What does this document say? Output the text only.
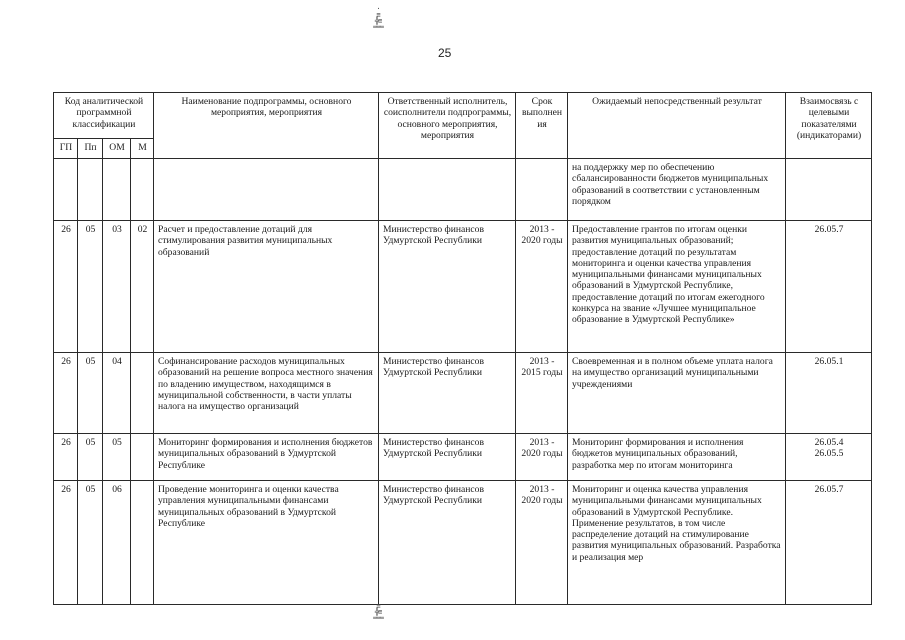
·
≡
╬≡
═══
25
Код аналитической программной классификации				Наименование подпрограммы, основного мероприятия, мероприятия	Ответственный исполнитель, соисполнители подпрограммы, основного мероприятия, мероприятия	Срок выполнен ия	Ожидаемый непосредственный результат	Взаимосвязь с целевыми показателями (индикаторами)
ГП	Пп	ОМ	М					
							на поддержку мер по обеспечению сбалансированности бюджетов муниципальных образований в соответствии с установленным порядком	
26	05	03	02	Расчет и предоставление дотаций для стимулирования развития муниципальных образований	Министерство финансов Удмуртской Республики	2013 - 2020 годы	Предоставление грантов по итогам оценки развития муниципальных образований; предоставление дотаций по результатам мониторинга и оценки качества управления муниципальными финансами муниципальных образований в Удмуртской Республике, предоставление дотаций по итогам ежегодного конкурса на звание «Лучшее муниципальное образование в Удмуртской Республике»	26.05.7

26	05	04		Софинансирование расходов муниципальных образований на решение вопроса местного значения по владению имуществом, находящимся в муниципальной собственности, в части уплаты налога на имущество организаций	Министерство финансов Удмуртской Республики	2013 - 2015 годы	Своевременная и в полном объеме уплата налога на имущество организаций муниципальными учреждениями	26.05.1

26	05	05		Мониторинг формирования и исполнения бюджетов муниципальных образований в Удмуртской Республике	Министерство финансов Удмуртской Республики	2013 - 2020 годы	Мониторинг формирования и исполнения бюджетов муниципальных образований, разработка мер по итогам мониторинга	26.05.4
26.05.5

26	05	06		Проведение мониторинга и оценки качества управления муниципальными финансами муниципальных образований в Удмуртской Республике	Министерство финансов Удмуртской Республики	2013 - 2020 годы	Мониторинг и оценка качества управления муниципальными финансами муниципальных образований в Удмуртской Республике. Применение результатов, в том числе распределение дотаций на стимулирование развития муниципальных образований. Разработка и реализация мер	26.05.7
≡
╬≡
═══
